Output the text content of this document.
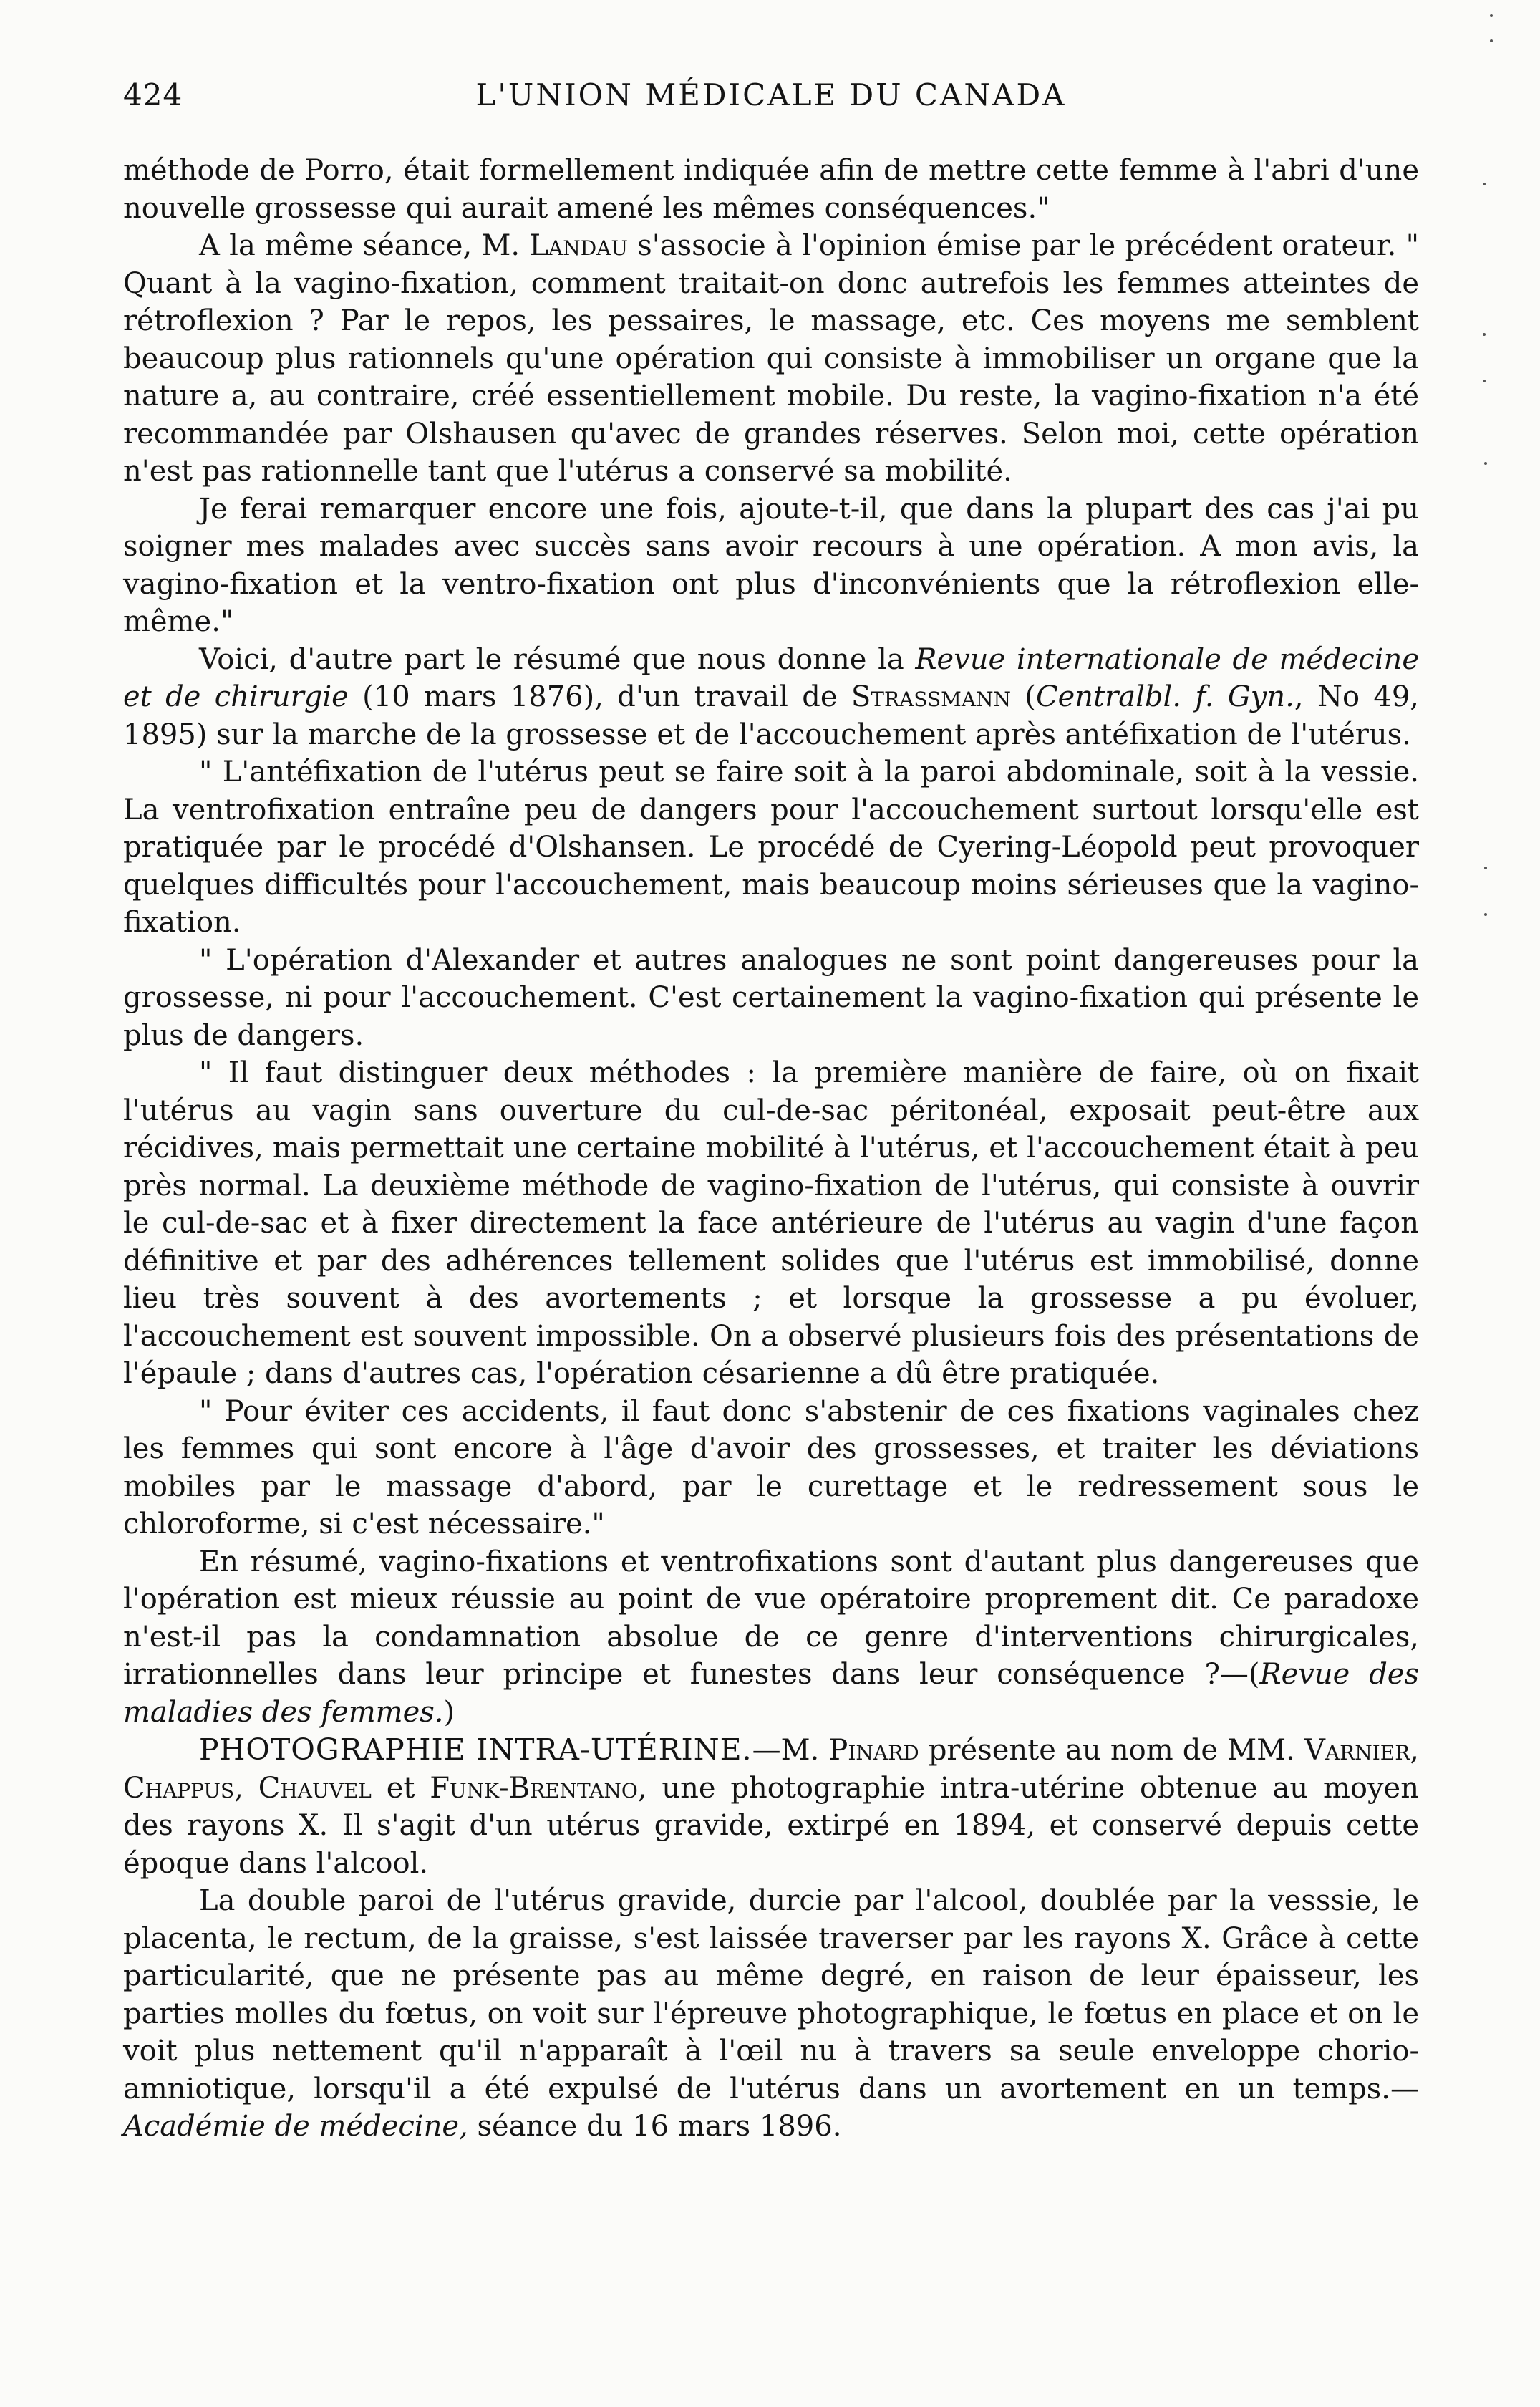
424	L'UNION MÉDICALE DU CANADA

méthode de Porro, était formellement indiquée afin de mettre cette femme à l'abri d'une nouvelle grossesse qui aurait amené les mêmes conséquences."

A la même séance, M. Landau s'associe à l'opinion émise par le précédent orateur. " Quant à la vagino-fixation, comment traitait-on donc autrefois les femmes atteintes de rétroflexion ? Par le repos, les pessaires, le massage, etc. Ces moyens me semblent beaucoup plus rationnels qu'une opération qui consiste à immobiliser un organe que la nature a, au contraire, créé essentiellement mobile. Du reste, la vagino-fixation n'a été recommandée par Olshausen qu'avec de grandes réserves. Selon moi, cette opération n'est pas rationnelle tant que l'utérus a conservé sa mobilité.

Je ferai remarquer encore une fois, ajoute-t-il, que dans la plupart des cas j'ai pu soigner mes malades avec succès sans avoir recours à une opération. A mon avis, la vagino-fixation et la ventro-fixation ont plus d'inconvénients que la rétroflexion elle-même."

Voici, d'autre part le résumé que nous donne la Revue internationale de médecine et de chirurgie (10 mars 1876), d'un travail de Strassmann (Centralbl. f. Gyn., No 49, 1895) sur la marche de la grossesse et de l'accouchement après antéfixation de l'utérus.

" L'antéfixation de l'utérus peut se faire soit à la paroi abdominale, soit à la vessie. La ventrofixation entraîne peu de dangers pour l'accouchement surtout lorsqu'elle est pratiquée par le procédé d'Olshansen. Le procédé de Cyering-Léopold peut provoquer quelques difficultés pour l'accouchement, mais beaucoup moins sérieuses que la vagino-fixation.

" L'opération d'Alexander et autres analogues ne sont point dangereuses pour la grossesse, ni pour l'accouchement. C'est certainement la vagino-fixation qui présente le plus de dangers.

" Il faut distinguer deux méthodes : la première manière de faire, où on fixait l'utérus au vagin sans ouverture du cul-de-sac péritonéal, exposait peut-être aux récidives, mais permettait une certaine mobilité à l'utérus, et l'accouchement était à peu près normal. La deuxième méthode de vagino-fixation de l'utérus, qui consiste à ouvrir le cul-de-sac et à fixer directement la face antérieure de l'utérus au vagin d'une façon définitive et par des adhérences tellement solides que l'utérus est immobilisé, donne lieu très souvent à des avortements ; et lorsque la grossesse a pu évoluer, l'accouchement est souvent impossible. On a observé plusieurs fois des présentations de l'épaule ; dans d'autres cas, l'opération césarienne a dû être pratiquée.

" Pour éviter ces accidents, il faut donc s'abstenir de ces fixations vaginales chez les femmes qui sont encore à l'âge d'avoir des grossesses, et traiter les déviations mobiles par le massage d'abord, par le curettage et le redressement sous le chloroforme, si c'est nécessaire."

En résumé, vagino-fixations et ventrofixations sont d'autant plus dangereuses que l'opération est mieux réussie au point de vue opératoire proprement dit. Ce paradoxe n'est-il pas la condamnation absolue de ce genre d'interventions chirurgicales, irrationnelles dans leur principe et funestes dans leur conséquence ?—(Revue des maladies des femmes.)

PHOTOGRAPHIE INTRA-UTÉRINE.—M. Pinard présente au nom de MM. Varnier, Chappus, Chauvel et Funk-Brentano, une photographie intra-utérine obtenue au moyen des rayons X. Il s'agit d'un utérus gravide, extirpé en 1894, et conservé depuis cette époque dans l'alcool.

La double paroi de l'utérus gravide, durcie par l'alcool, doublée par la vesssie, le placenta, le rectum, de la graisse, s'est laissée traverser par les rayons X. Grâce à cette particularité, que ne présente pas au même degré, en raison de leur épaisseur, les parties molles du fœtus, on voit sur l'épreuve photographique, le fœtus en place et on le voit plus nettement qu'il n'apparaît à l'œil nu à travers sa seule enveloppe chorio-amniotique, lorsqu'il a été expulsé de l'utérus dans un avortement en un temps.—Académie de médecine, séance du 16 mars 1896.
